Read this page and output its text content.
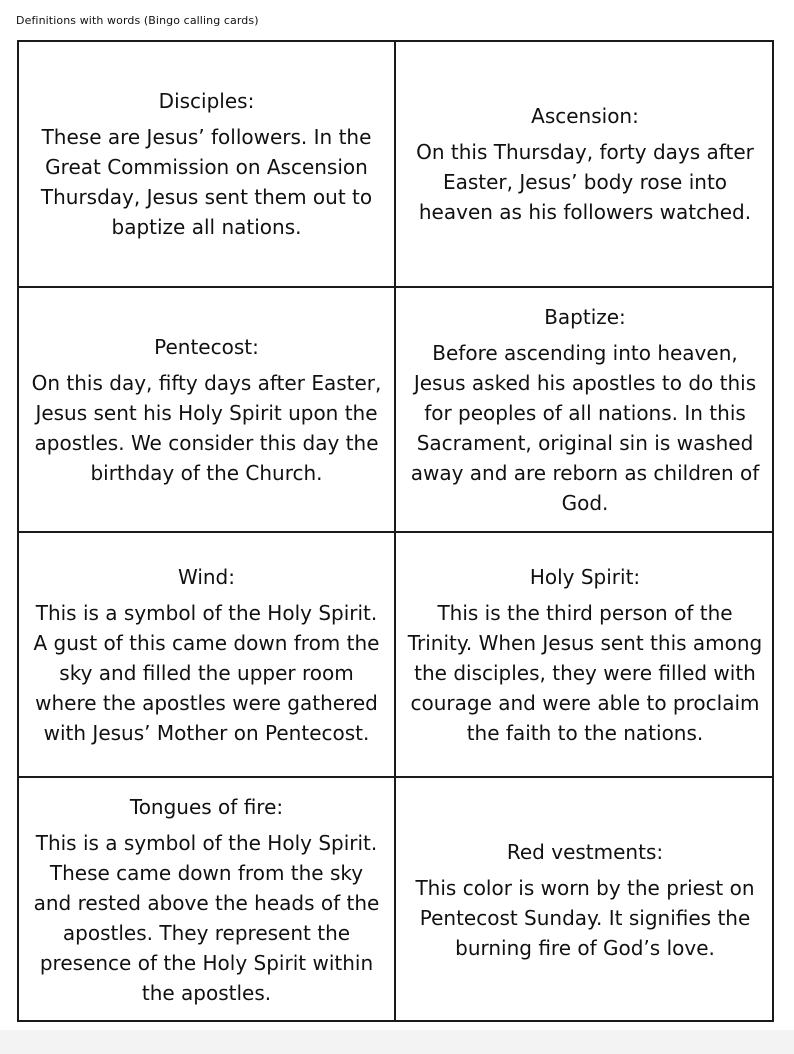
Definitions with words (Bingo calling cards)
Disciples:
These are Jesus’ followers. In the Great Commission on Ascension Thursday, Jesus sent them out to baptize all nations.
Ascension:
On this Thursday, forty days after Easter, Jesus’ body rose into heaven as his followers watched.
Pentecost:
On this day, fifty days after Easter, Jesus sent his Holy Spirit upon the apostles. We consider this day the birthday of the Church.
Baptize:
Before ascending into heaven, Jesus asked his apostles to do this for peoples of all nations. In this Sacrament, original sin is washed away and are reborn as children of God.
Wind:
This is a symbol of the Holy Spirit. A gust of this came down from the sky and filled the upper room where the apostles were gathered with Jesus’ Mother on Pentecost.
Holy Spirit:
This is the third person of the Trinity. When Jesus sent this among the disciples, they were filled with courage and were able to proclaim the faith to the nations.
Tongues of fire:
This is a symbol of the Holy Spirit. These came down from the sky and rested above the heads of the apostles. They represent the presence of the Holy Spirit within the apostles.
Red vestments:
This color is worn by the priest on Pentecost Sunday. It signifies the burning fire of God’s love.
